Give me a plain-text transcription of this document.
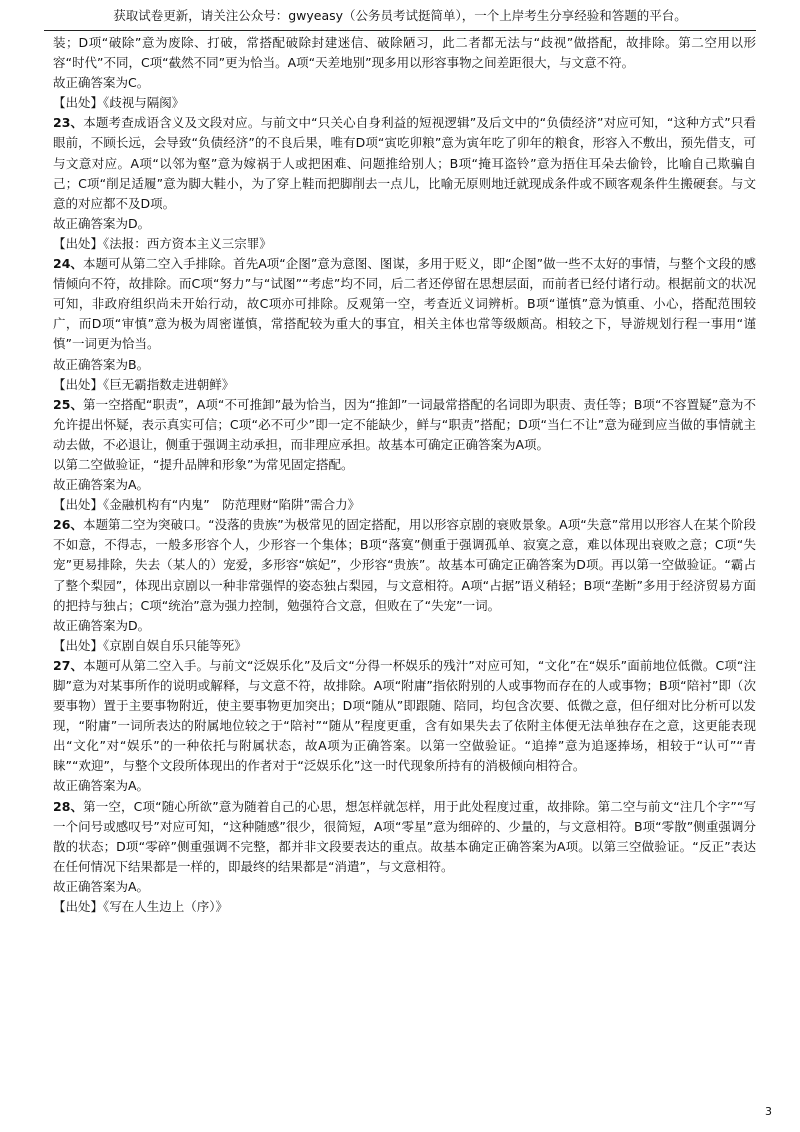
获取试卷更新，请关注公众号：gwyeasy（公务员考试挺简单），一个上岸考生分享经验和答题的平台。

装；D项“破除”意为废除、打破，常搭配破除封建迷信、破除陋习，此二者都无法与“歧视”做搭配，故排除。第二空用以形容“时代”不同，C项“截然不同”更为恰当。A项“天差地别”现多用以形容事物之间差距很大，与文意不符。

故正确答案为C。

【出处】《歧视与隔阂》

23、本题考查成语含义及文段对应。与前文中“只关心自身利益的短视逻辑”及后文中的“负债经济”对应可知，“这种方式”只看眼前，不顾长远，会导致“负债经济”的不良后果，唯有D项“寅吃卯粮”意为寅年吃了卯年的粮食，形容入不敷出，预先借支，可与文意对应。A项“以邻为壑”意为嫁祸于人或把困难、问题推给别人；B项“掩耳盗铃”意为捂住耳朵去偷铃，比喻自己欺骗自己；C项“削足适履”意为脚大鞋小，为了穿上鞋而把脚削去一点儿，比喻无原则地迁就现成条件或不顾客观条件生搬硬套。与文意的对应都不及D项。

故正确答案为D。

【出处】《法报：西方资本主义三宗罪》

24、本题可从第二空入手排除。首先A项“企图”意为意图、图谋，多用于贬义，即“企图”做一些不太好的事情，与整个文段的感情倾向不符，故排除。而C项“努力”与“试图”“考虑”均不同，后二者还停留在思想层面，而前者已经付诸行动。根据前文的状况可知，非政府组织尚未开始行动，故C项亦可排除。反观第一空，考查近义词辨析。B项“谨慎”意为慎重、小心，搭配范围较广，而D项“审慎”意为极为周密谨慎，常搭配较为重大的事宜，相关主体也常等级颇高。相较之下，导游规划行程一事用“谨慎”一词更为恰当。

故正确答案为B。

【出处】《巨无霸指数走进朝鲜》

25、第一空搭配“职责”，A项“不可推卸”最为恰当，因为“推卸”一词最常搭配的名词即为职责、责任等；B项“不容置疑”意为不允许提出怀疑，表示真实可信；C项“必不可少”即一定不能缺少，鲜与“职责”搭配；D项“当仁不让”意为碰到应当做的事情就主动去做，不必退让，侧重于强调主动承担，而非理应承担。故基本可确定正确答案为A项。

以第二空做验证，“提升品牌和形象”为常见固定搭配。

故正确答案为A。

【出处】《金融机构有“内鬼”　防范理财“陷阱”需合力》

26、本题第二空为突破口。“没落的贵族”为极常见的固定搭配，用以形容京剧的衰败景象。A项“失意”常用以形容人在某个阶段不如意，不得志，一般多形容个人，少形容一个集体；B项“落寞”侧重于强调孤单、寂寞之意，难以体现出衰败之意；C项“失宠”更易排除，失去（某人的）宠爱，多形容“嫔妃”，少形容“贵族”。故基本可确定正确答案为D项。再以第一空做验证。“霸占了整个梨园”，体现出京剧以一种非常强悍的姿态独占梨园，与文意相符。A项“占据”语义稍轻；B项“垄断”多用于经济贸易方面的把持与独占；C项“统治”意为强力控制，勉强符合文意，但败在了“失宠”一词。

故正确答案为D。

【出处】《京剧自娱自乐只能等死》

27、本题可从第二空入手。与前文“泛娱乐化”及后文“分得一杯娱乐的残汁”对应可知，“文化”在“娱乐”面前地位低微。C项“注脚”意为对某事所作的说明或解释，与文意不符，故排除。A项“附庸”指依附别的人或事物而存在的人或事物；B项“陪衬”即（次要事物）置于主要事物附近，使主要事物更加突出；D项“随从”即跟随、陪同，均包含次要、低微之意，但仔细对比分析可以发现，“附庸”一词所表达的附属地位较之于“陪衬”“随从”程度更重，含有如果失去了依附主体便无法单独存在之意，这更能表现出“文化”对“娱乐”的一种依托与附属状态，故A项为正确答案。以第一空做验证。“追捧”意为追逐捧场，相较于“认可”“青睐”“欢迎”，与整个文段所体现出的作者对于“泛娱乐化”这一时代现象所持有的消极倾向相符合。

故正确答案为A。

28、第一空，C项“随心所欲”意为随着自己的心思，想怎样就怎样，用于此处程度过重，故排除。第二空与前文“注几个字”“写一个问号或感叹号”对应可知，“这种随感”很少，很简短，A项“零星”意为细碎的、少量的，与文意相符。B项“零散”侧重强调分散的状态；D项“零碎”侧重强调不完整，都并非文段要表达的重点。故基本确定正确答案为A项。以第三空做验证。“反正”表达在任何情况下结果都是一样的，即最终的结果都是“消遣”，与文意相符。

故正确答案为A。

【出处】《写在人生边上（序）》

3
